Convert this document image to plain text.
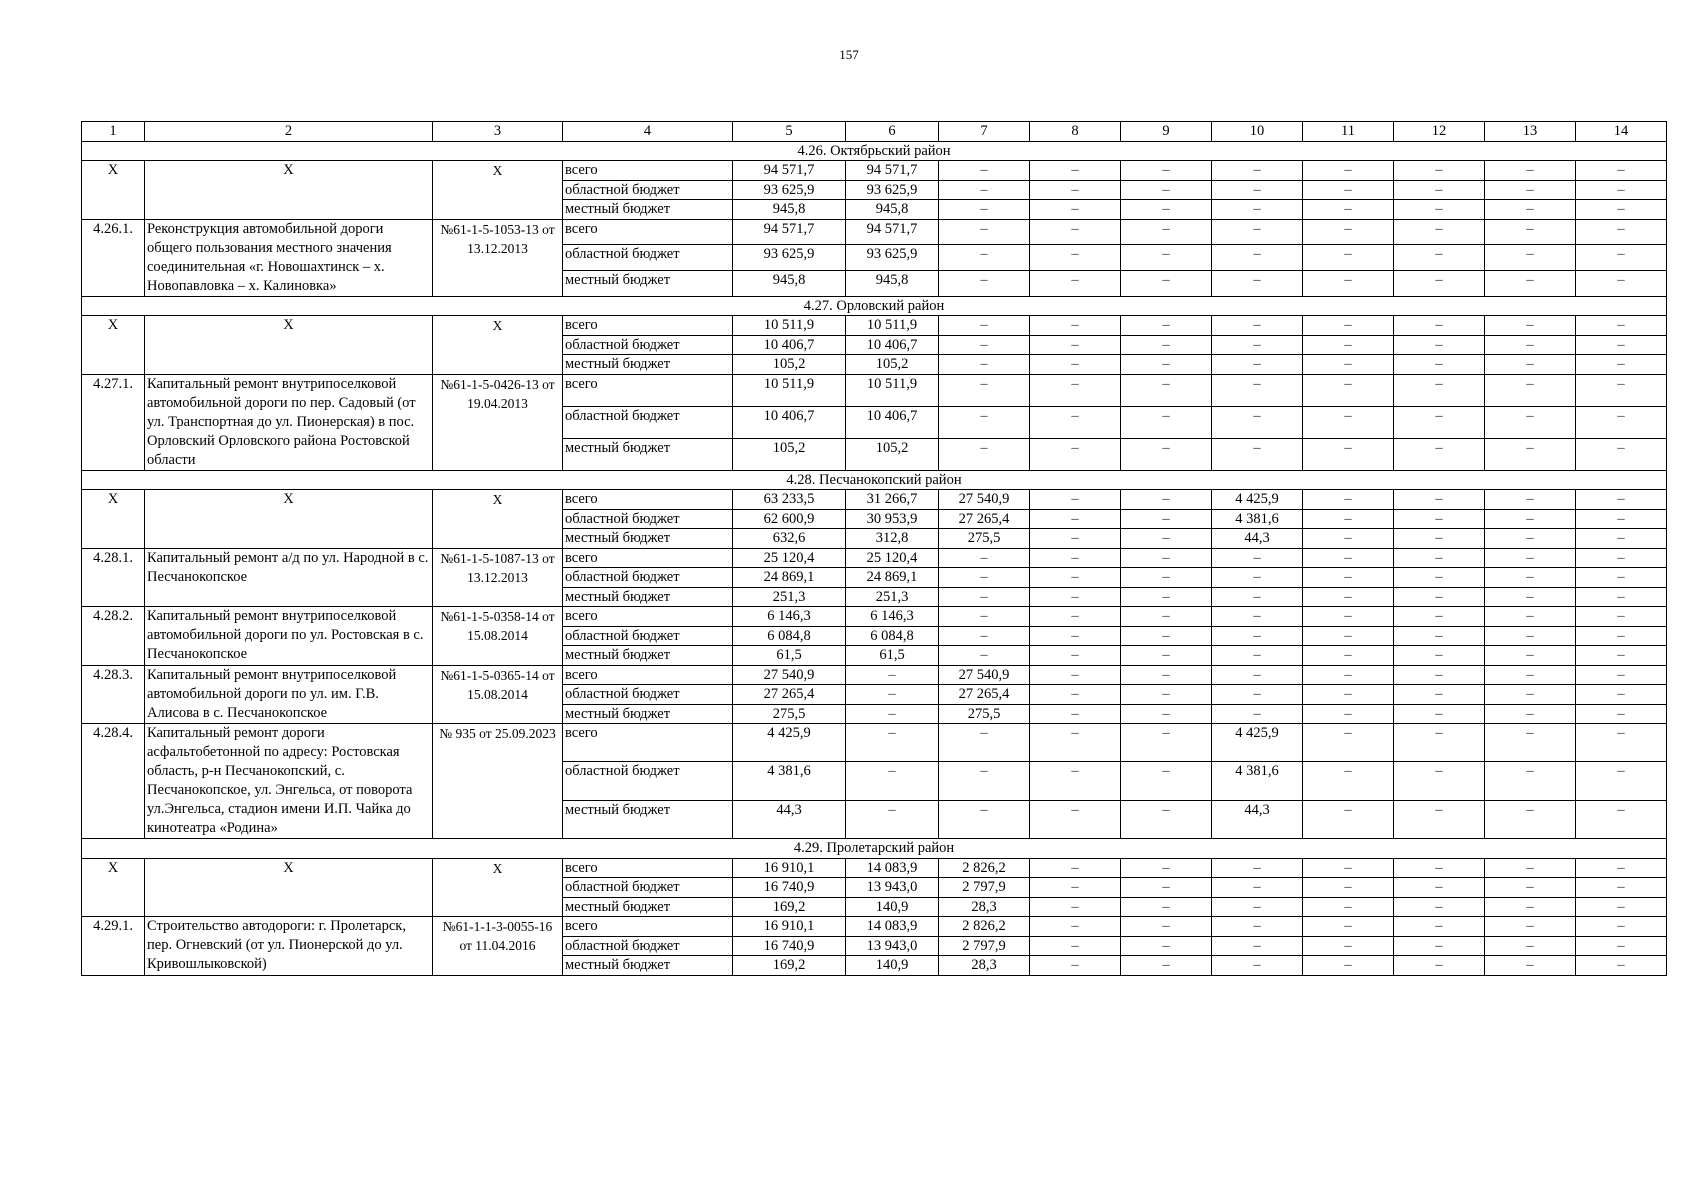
157
1	2	3	4	5	6	7	8	9	10	11	12	13	14
4.26. Октябрьский район													
X	X	X	всего	94 571,7	94 571,7	–	–	–	–	–	–	–	–
			областной бюджет	93 625,9	93 625,9	–	–	–	–	–	–	–	–
			местный бюджет	945,8	945,8	–	–	–	–	–	–	–	–
4.26.1.	Реконструкция автомобильной дороги общего пользования местного значения соединительная «г. Новошахтинск – х. Новопавловка – х. Калиновка»	№61-1-5-1053-13 от 13.12.2013	всего	94 571,7	94 571,7	–	–	–	–	–	–	–	–
			областной бюджет	93 625,9	93 625,9	–	–	–	–	–	–	–	–
			местный бюджет	945,8	945,8	–	–	–	–	–	–	–	–
4.27. Орловский район													
X	X	X	всего	10 511,9	10 511,9	–	–	–	–	–	–	–	–
			областной бюджет	10 406,7	10 406,7	–	–	–	–	–	–	–	–
			местный бюджет	105,2	105,2	–	–	–	–	–	–	–	–
4.27.1.	Капитальный ремонт внутрипоселковой автомобильной дороги по пер. Садовый (от ул. Транспортная до ул. Пионерская) в пос. Орловский Орловского района Ростовской области	№61-1-5-0426-13 от 19.04.2013	всего	10 511,9	10 511,9	–	–	–	–	–	–	–	–
			областной бюджет	10 406,7	10 406,7	–	–	–	–	–	–	–	–
			местный бюджет	105,2	105,2	–	–	–	–	–	–	–	–
4.28. Песчанокопский район													
X	X	X	всего	63 233,5	31 266,7	27 540,9	–	–	4 425,9	–	–	–	–
			областной бюджет	62 600,9	30 953,9	27 265,4	–	–	4 381,6	–	–	–	–
			местный бюджет	632,6	312,8	275,5	–	–	44,3	–	–	–	–
4.28.1.	Капитальный ремонт а/д по ул. Народной в с. Песчанокопское	№61-1-5-1087-13 от 13.12.2013	всего	25 120,4	25 120,4	–	–	–	–	–	–	–	–
			областной бюджет	24 869,1	24 869,1	–	–	–	–	–	–	–	–
			местный бюджет	251,3	251,3	–	–	–	–	–	–	–	–
4.28.2.	Капитальный ремонт внутрипоселковой автомобильной дороги по ул. Ростовская в с. Песчанокопское	№61-1-5-0358-14 от 15.08.2014	всего	6 146,3	6 146,3	–	–	–	–	–	–	–	–
			областной бюджет	6 084,8	6 084,8	–	–	–	–	–	–	–	–
			местный бюджет	61,5	61,5	–	–	–	–	–	–	–	–
4.28.3.	Капитальный ремонт внутрипоселковой автомобильной дороги по ул. им. Г.В. Алисова в с. Песчанокопское	№61-1-5-0365-14 от 15.08.2014	всего	27 540,9	–	27 540,9	–	–	–	–	–	–	–
			областной бюджет	27 265,4	–	27 265,4	–	–	–	–	–	–	–
			местный бюджет	275,5	–	275,5	–	–	–	–	–	–	–
4.28.4.	Капитальный ремонт дороги асфальтобетонной по адресу: Ростовская область, р-н Песчанокопский, с. Песчанокопское, ул. Энгельса, от поворота ул.Энгельса, стадион имени И.П. Чайка до кинотеатра «Родина»	№ 935 от 25.09.2023	всего	4 425,9	–	–	–	–	4 425,9	–	–	–	–
			областной бюджет	4 381,6	–	–	–	–	4 381,6	–	–	–	–
			местный бюджет	44,3	–	–	–	–	44,3	–	–	–	–
4.29. Пролетарский район													
X	X	X	всего	16 910,1	14 083,9	2 826,2	–	–	–	–	–	–	–
			областной бюджет	16 740,9	13 943,0	2 797,9	–	–	–	–	–	–	–
			местный бюджет	169,2	140,9	28,3	–	–	–	–	–	–	–
4.29.1.	Строительство автодороги: г. Пролетарск, пер. Огневский (от ул. Пионерской до ул. Кривошлыковской)	№61-1-1-3-0055-16 от 11.04.2016	всего	16 910,1	14 083,9	2 826,2	–	–	–	–	–	–	–
			областной бюджет	16 740,9	13 943,0	2 797,9	–	–	–	–	–	–	–
			местный бюджет	169,2	140,9	28,3	–	–	–	–	–	–	–
